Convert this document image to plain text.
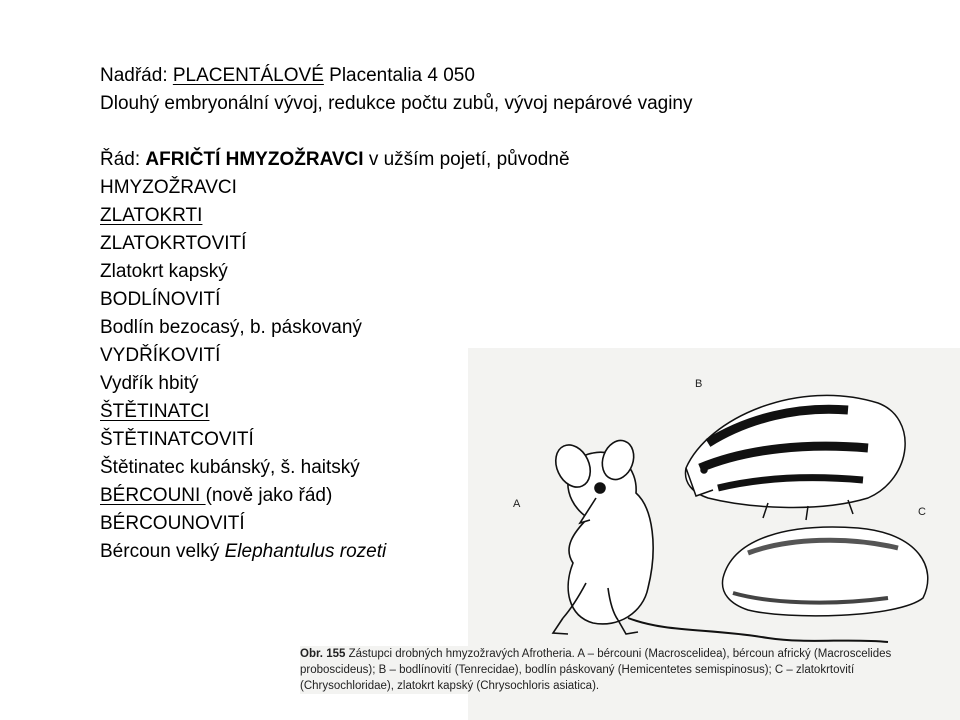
Nadřád: PLACENTÁLOVÉ Placentalia 4 050
Dlouhý embryonální vývoj, redukce počtu zubů, vývoj nepárové vaginy
Řád: AFRIČTÍ HMYZOŽRAVCI v užším pojetí, původně
HMYZOŽRAVCI
ZLATOKRTI
ZLATOKRTOVITÍ
Zlatokrt kapský
BODLÍNOVITÍ
Bodlín bezocasý, b. páskovaný
VYDŘÍKOVITÍ
Vydřík hbitý
ŠTĚTINATCI
ŠTĚTINATCOVITÍ
Štětinatec kubánský, š. haitský
BÉRCOUNI (nově jako řád)
BÉRCOUNOVITÍ
Bércoun velký Elephantulus rozeti
B
A
C
Obr. 155 Zástupci drobných hmyzožravých Afrotheria. A – bércouni (Macroscelidea), bércoun africký (Macroscelides proboscideus); B – bodlínovití (Tenrecidae), bodlín páskovaný (Hemicentetes semispinosus); C – zlatokrtovití (Chrysochloridae), zlatokrt kapský (Chrysochloris asiatica).
